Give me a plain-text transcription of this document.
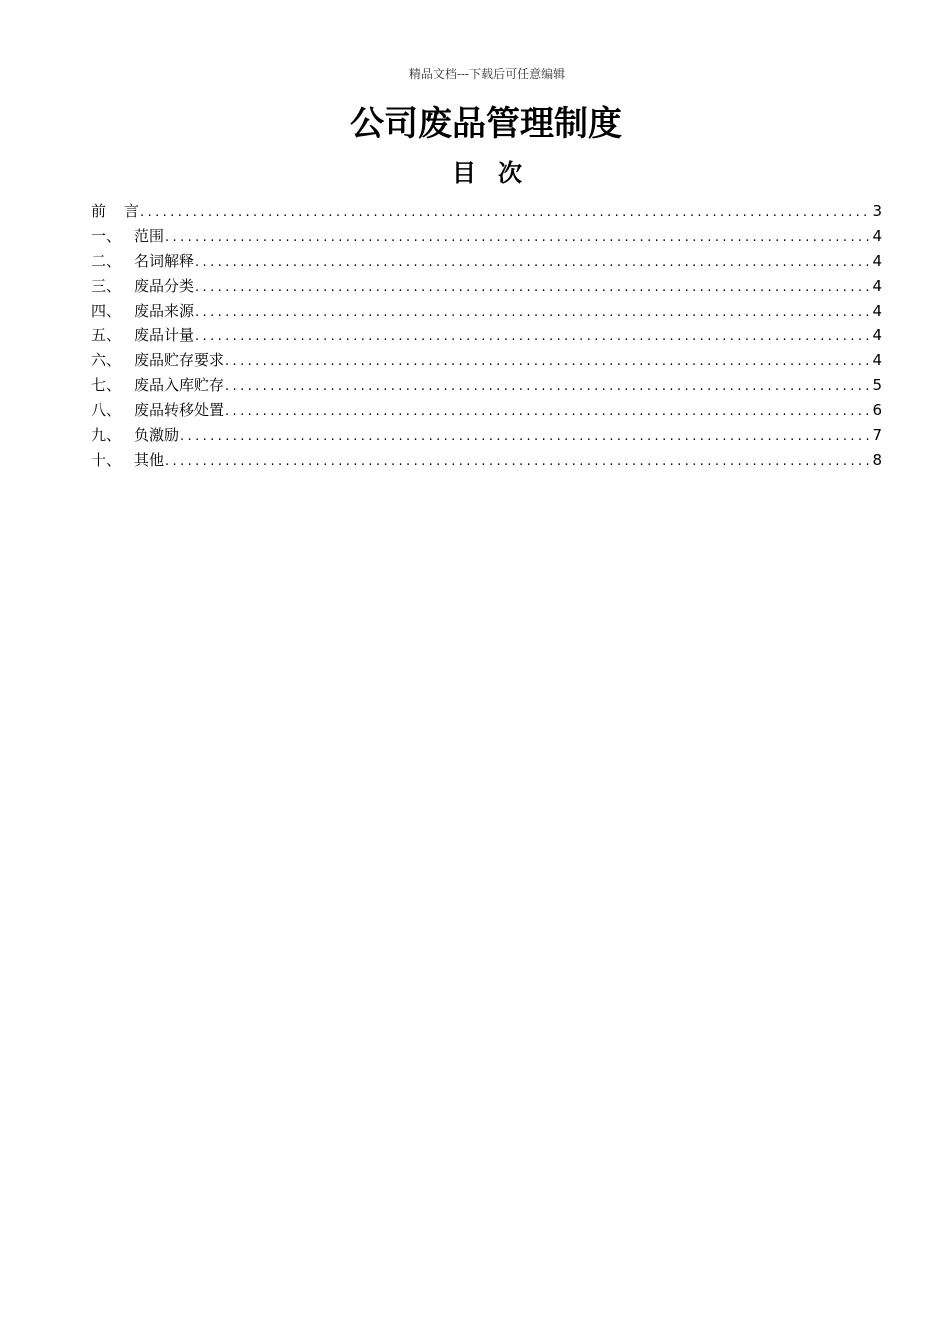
精品文档---下载后可任意编辑
公司废品管理制度
目 次
前 言 .....	3
一、 范围 .....	4
二、 名词解释 .....	4
三、 废品分类 .....	4
四、 废品来源 .....	4
五、 废品计量 .....	4
六、 废品贮存要求 .....	4
七、 废品入库贮存 .....	5
八、 废品转移处置 .....	6
九、 负激励 .....	7
十、 其他 .....	8
